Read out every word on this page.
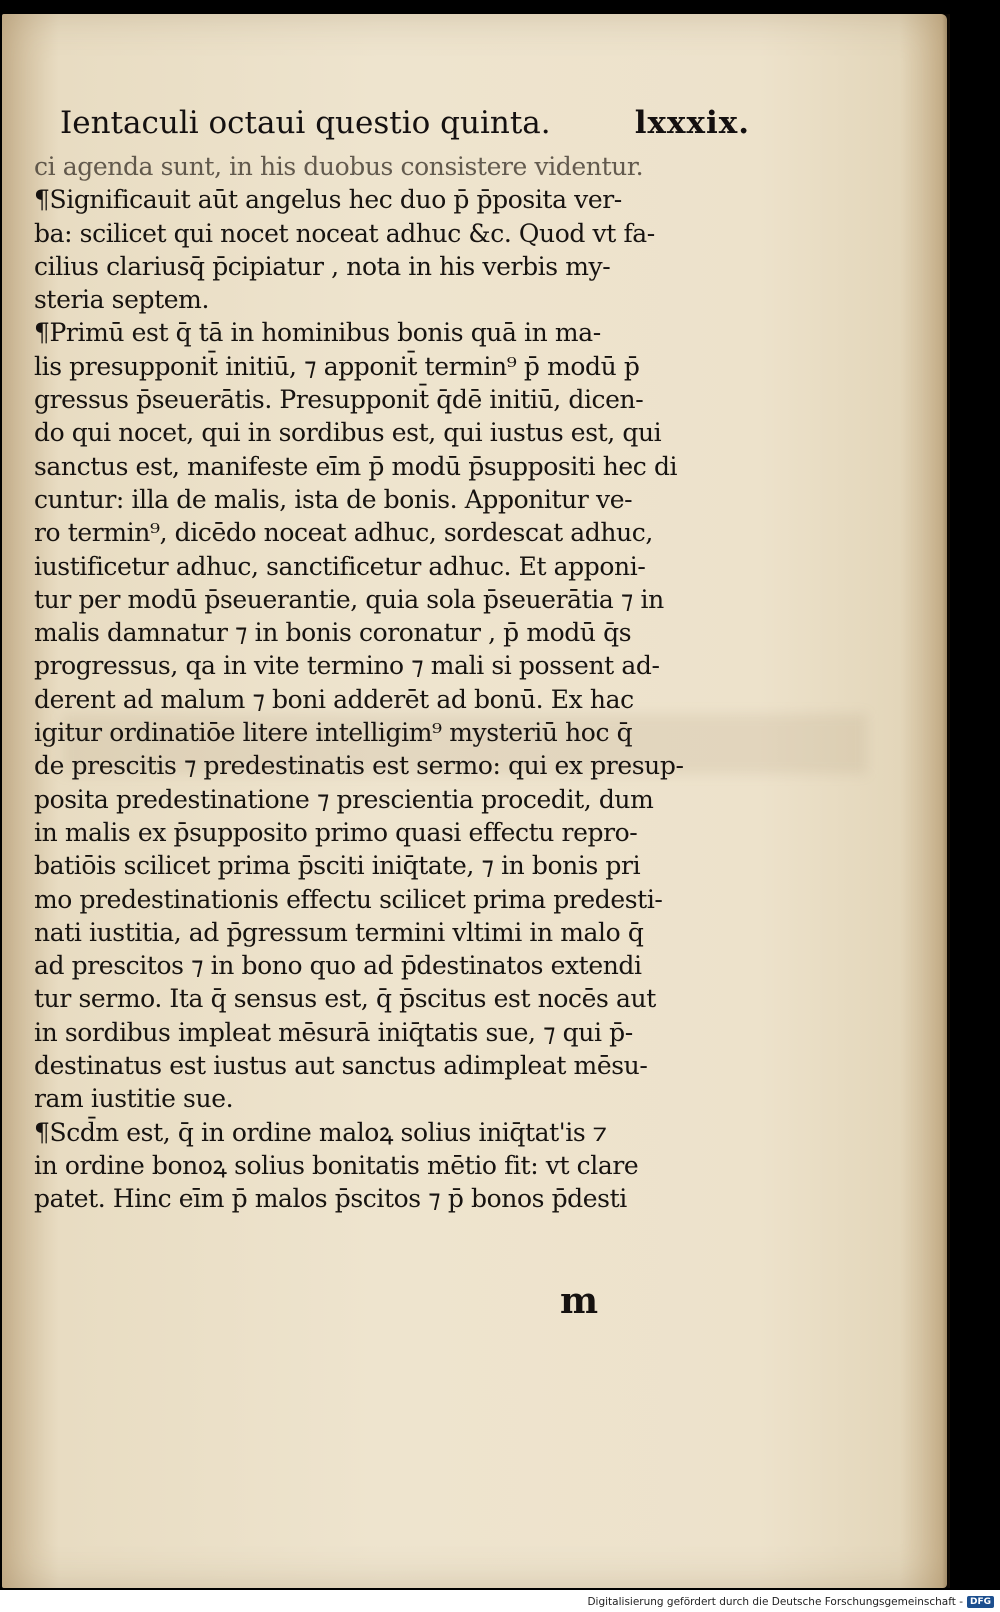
Ientaculi octaui questio quinta.	lxxxix.
ci agenda sunt, in his duobus consistere videntur.
¶Significauit aūt angelus hec duo p̄ p̄posita ver-
ba: scilicet qui nocet noceat adhuc &c. Quod vt fa-
cilius clariusq̄ p̄cipiatur , nota in his verbis my-
steria septem.
¶Primū est q̄ tā in hominibus bonis quā in ma-
lis presupponit̄ initiū, ⁊ apponit̄ termin⁹ p̄ modū p̄
gressus p̄seuerātis. Presupponit̄ q̄dē initiū, dicen-
do qui nocet, qui in sordibus est, qui iustus est, qui
sanctus est, manifeste eīm p̄ modū p̄suppositi hec di
cuntur: illa de malis, ista de bonis. Apponitur ve-
ro termin⁹, dicēdo noceat adhuc, sordescat adhuc,
iustificetur adhuc, sanctificetur adhuc. Et apponi-
tur per modū p̄seuerantie, quia sola p̄seuerātia ⁊ in
malis damnatur ⁊ in bonis coronatur , p̄ modū q̄s
progressus, qa in vite termino ⁊ mali si possent ad-
derent ad malum ⁊ boni adderēt ad bonū. Ex hac
igitur ordinatiōe litere intelligim⁹ mysteriū hoc q̄
de prescitis ⁊ predestinatis est sermo: qui ex presup-
posita predestinatione ⁊ prescientia procedit, dum
in malis ex p̄supposito primo quasi effectu repro-
batiōis scilicet prima p̄sciti iniq̄tate, ⁊ in bonis pri
mo predestinationis effectu scilicet prima predesti-
nati iustitia, ad p̄gressum termini vltimi in malo q̄
ad prescitos ⁊ in bono quo ad p̄destinatos extendi
tur sermo. Ita q̄ sensus est, q̄ p̄scitus est nocēs aut
in sordibus impleat mēsurā iniq̄tatis sue, ⁊ qui p̄-
destinatus est iustus aut sanctus adimpleat mēsu-
ram iustitie sue.
¶Scd̄m est, q̄ in ordine maloꝝ solius iniq̄tat'is ⁊
in ordine bonoꝝ solius bonitatis mētio fit: vt clare
patet. Hinc eīm p̄ malos p̄scitos ⁊ p̄ bonos p̄desti
m
Digitalisierung gefördert durch die Deutsche Forschungsgemeinschaft - DFG
